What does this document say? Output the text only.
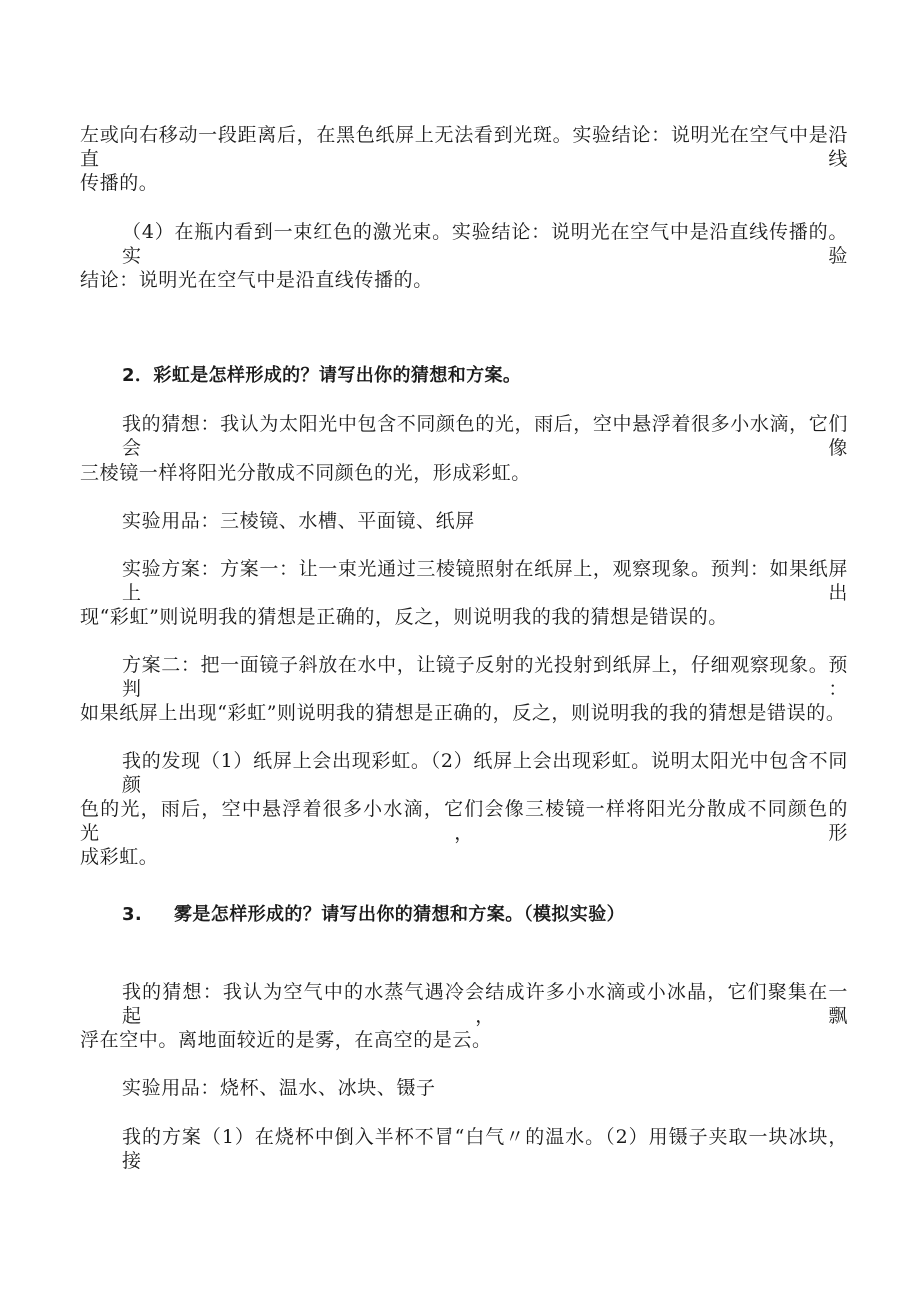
左或向右移动一段距离后，在黑色纸屏上无法看到光斑。实验结论：说明光在空气中是沿直线
传播的。
（4）在瓶内看到一束红色的激光束。实验结论：说明光在空气中是沿直线传播的。实验
结论：说明光在空气中是沿直线传播的。
2．彩虹是怎样形成的？请写出你的猜想和方案。
我的猜想：我认为太阳光中包含不同颜色的光，雨后，空中悬浮着很多小水滴，它们会像
三棱镜一样将阳光分散成不同颜色的光，形成彩虹。
实验用品：三棱镜、水槽、平面镜、纸屏
实验方案：方案一：让一束光通过三棱镜照射在纸屏上，观察现象。预判：如果纸屏上出
现“彩虹”则说明我的猜想是正确的，反之，则说明我的我的猜想是错误的。
方案二：把一面镜子斜放在水中，让镜子反射的光投射到纸屏上，仔细观察现象。预判：
如果纸屏上出现“彩虹”则说明我的猜想是正确的，反之，则说明我的我的猜想是错误的。
我的发现（1）纸屏上会出现彩虹。（2）纸屏上会出现彩虹。说明太阳光中包含不同颜
色的光，雨后，空中悬浮着很多小水滴，它们会像三棱镜一样将阳光分散成不同颜色的光，形
成彩虹。
3. 雾是怎样形成的？请写出你的猜想和方案。（模拟实验）
我的猜想：我认为空气中的水蒸气遇冷会结成许多小水滴或小冰晶，它们聚集在一起，飘
浮在空中。离地面较近的是雾，在高空的是云。
实验用品：烧杯、温水、冰块、镊子
我的方案（1）在烧杯中倒入半杯不冒“白气〃的温水。（2）用镊子夹取一块冰块，接
